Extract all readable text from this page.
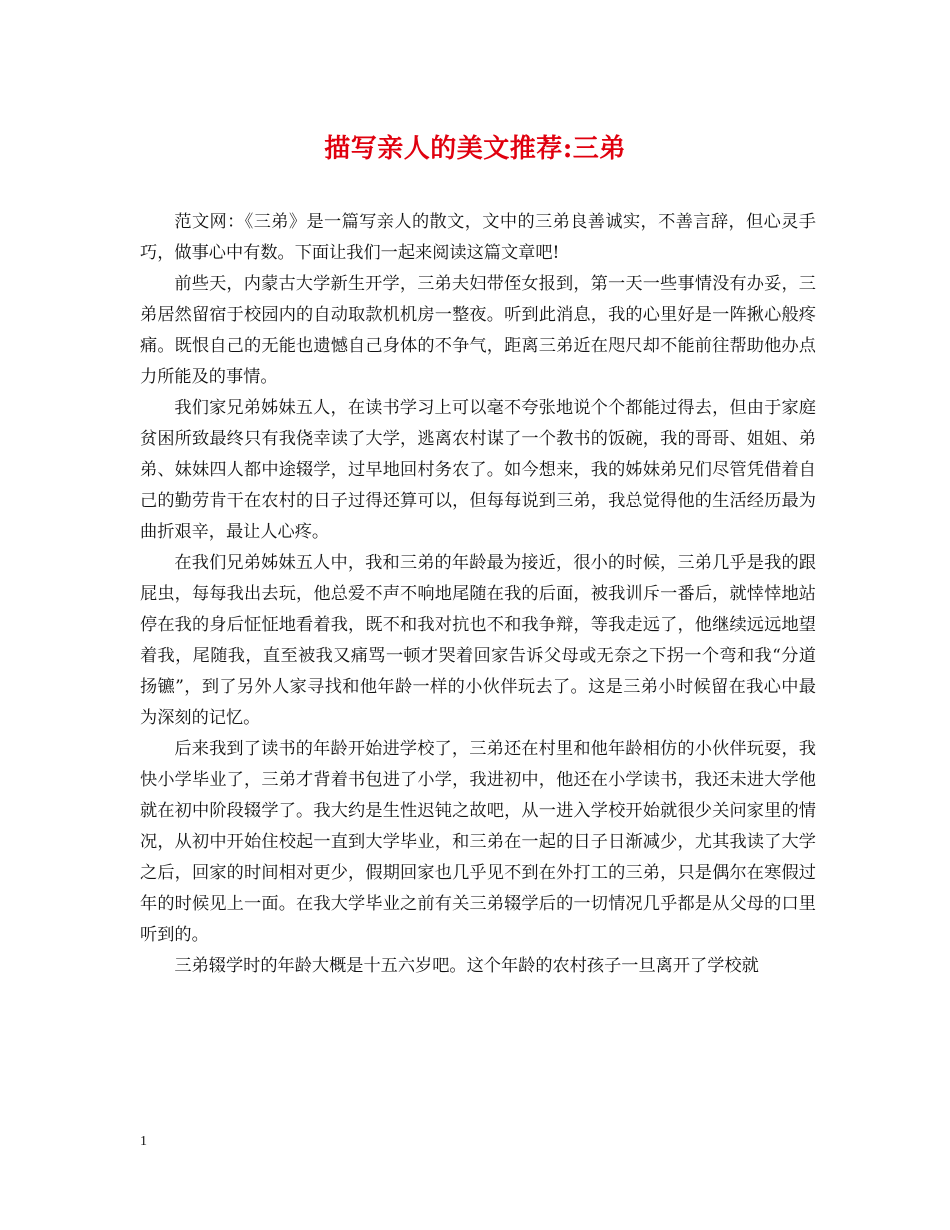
描写亲人的美文推荐:三弟

范文网：《三弟》是一篇写亲人的散文，文中的三弟良善诚实，不善言辞，但心灵手巧，做事心中有数。下面让我们一起来阅读这篇文章吧!

前些天，内蒙古大学新生开学，三弟夫妇带侄女报到，第一天一些事情没有办妥，三弟居然留宿于校园内的自动取款机机房一整夜。听到此消息，我的心里好是一阵揪心般疼痛。既恨自己的无能也遗憾自己身体的不争气，距离三弟近在咫尺却不能前往帮助他办点力所能及的事情。

我们家兄弟姊妹五人，在读书学习上可以毫不夸张地说个个都能过得去，但由于家庭贫困所致最终只有我侥幸读了大学，逃离农村谋了一个教书的饭碗，我的哥哥、姐姐、弟弟、妹妹四人都中途辍学，过早地回村务农了。如今想来，我的姊妹弟兄们尽管凭借着自己的勤劳肯干在农村的日子过得还算可以，但每每说到三弟，我总觉得他的生活经历最为曲折艰辛，最让人心疼。

在我们兄弟姊妹五人中，我和三弟的年龄最为接近，很小的时候，三弟几乎是我的跟屁虫，每每我出去玩，他总爱不声不响地尾随在我的后面，被我训斥一番后，就悻悻地站停在我的身后怔怔地看着我，既不和我对抗也不和我争辩，等我走远了，他继续远远地望着我，尾随我，直至被我又痛骂一顿才哭着回家告诉父母或无奈之下拐一个弯和我“分道扬镳”，到了另外人家寻找和他年龄一样的小伙伴玩去了。这是三弟小时候留在我心中最为深刻的记忆。

后来我到了读书的年龄开始进学校了，三弟还在村里和他年龄相仿的小伙伴玩耍，我快小学毕业了，三弟才背着书包进了小学，我进初中，他还在小学读书，我还未进大学他就在初中阶段辍学了。我大约是生性迟钝之故吧，从一进入学校开始就很少关问家里的情况，从初中开始住校起一直到大学毕业，和三弟在一起的日子日渐减少，尤其我读了大学之后，回家的时间相对更少，假期回家也几乎见不到在外打工的三弟，只是偶尔在寒假过年的时候见上一面。在我大学毕业之前有关三弟辍学后的一切情况几乎都是从父母的口里听到的。

三弟辍学时的年龄大概是十五六岁吧。这个年龄的农村孩子一旦离开了学校就

1
